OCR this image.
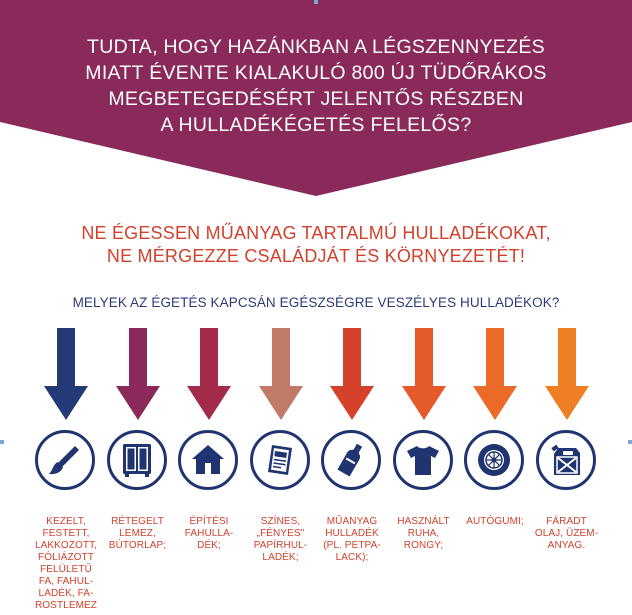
TUDTA, HOGY HAZÁNKBAN A LÉGSZENNYEZÉS
MIATT ÉVENTE KIALAKULÓ 800 ÚJ TÜDŐRÁKOS
MEGBETEGEDÉSÉRT JELENTŐS RÉSZBEN
A HULLADÉKÉGETÉS FELELŐS?
NE ÉGESSEN MŰANYAG TARTALMÚ HULLADÉKOKAT,
NE MÉRGEZZE CSALÁDJÁT ÉS KÖRNYEZETÉT!
MELYEK AZ ÉGETÉS KAPCSÁN EGÉSZSÉGRE VESZÉLYES HULLADÉKOK?
KEZELT,
FESTETT,
LAKKOZOTT,
FÓLIÁZOTT
FELÜLETŰ
FA, FAHUL-
LADÉK, FA-
ROSTLEMEZ
RÉTEGELT
LEMEZ,
BÚTORLAP;
ÉPÍTÉSI
FAHULLA-
DÉK;
SZÍNES,
„FÉNYES"
PAPÍRHUL-
LADÉK;
MŰANYAG
HULLADÉK
(PL. PETPA-
LACK);
HASZNÁLT
RUHA,
RONGY;
AUTÓGUMI;	FÁRADT
OLAJ, ÜZEM-
ANYAG.
